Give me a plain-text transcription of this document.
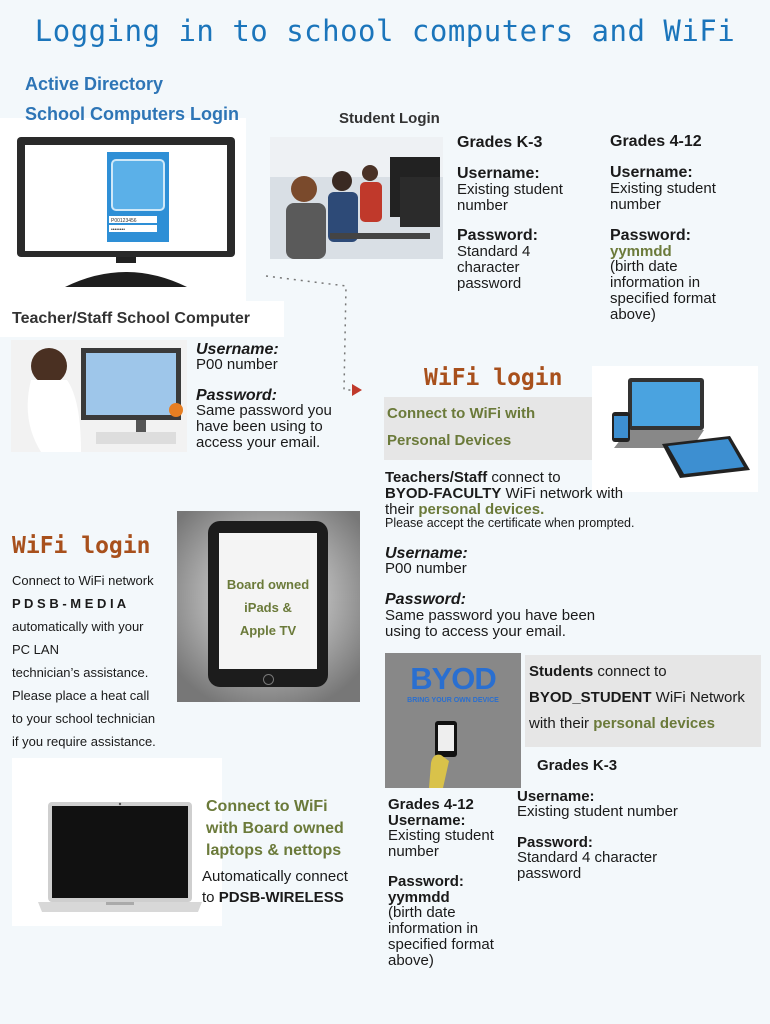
Logging in to school computers and WiFi
Active Directory
School Computers Login
P00123456
••••••••
Student Login
Grades K-3
Username:
Existing student number
Password:
Standard 4 character password
Grades 4-12
Username:
Existing student number
Password:
yymmdd
(birth date information in specified format above)
Teacher/Staff School Computer
Username:
P00 number
Password:
Same password you have been using to access your email.
WiFi login
Connect to WiFi with
Personal Devices
Teachers/Staff connect to
BYOD-FACULTY WiFi network with
their personal devices.
Please accept the certificate when prompted.
Username:
P00 number
Password:
Same password you have been using to access your email.
WiFi login
Connect to WiFi network
P D S B - M E D I A
automatically with your
PC LAN
technician’s assistance.
Please place a heat call
to your school technician
if you require assistance.
Board owned
iPads &
Apple TV
BYOD
BRING YOUR OWN DEVICE
Students connect to
BYOD_STUDENT WiFi Network
with their personal devices
Grades K-3
Username:
Existing student number
Password:
Standard 4 character password
Grades 4-12
Username:
Existing student number
Password:
yymmdd
(birth date information in specified format above)
Connect to WiFi
with Board owned
laptops & nettops
Automatically connect
to PDSB-WIRELESS
